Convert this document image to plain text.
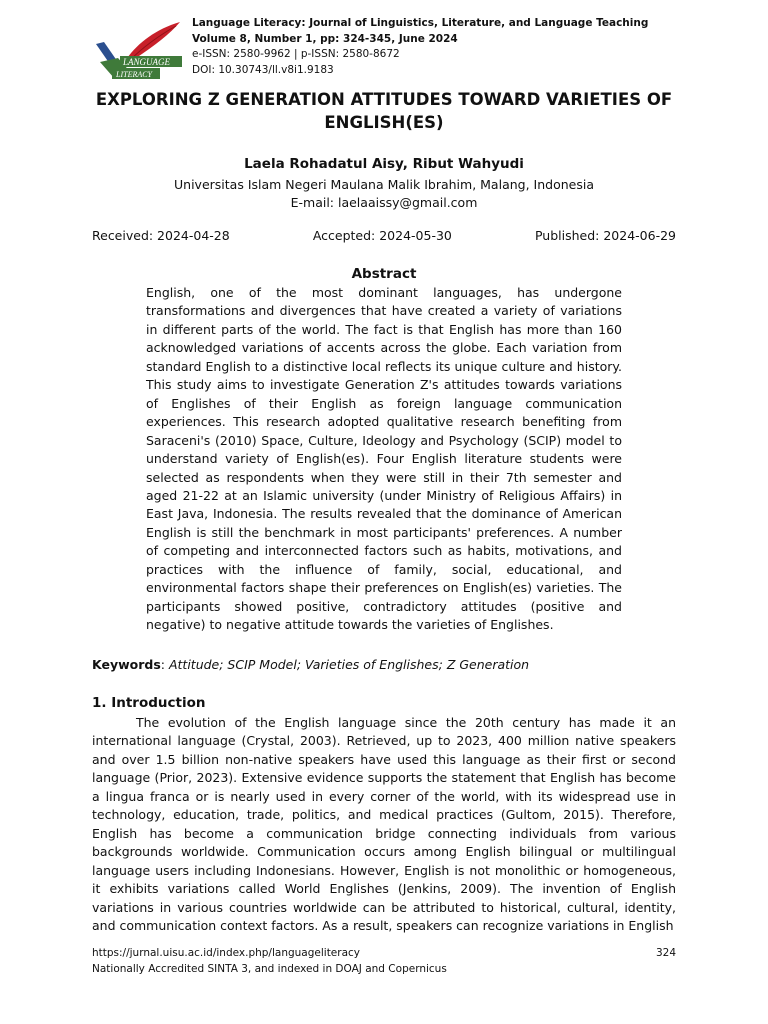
LANGUAGE
LITERACY
Language Literacy: Journal of Linguistics, Literature, and Language Teaching
Volume 8, Number 1, pp: 324-345, June 2024
e-ISSN: 2580-9962 | p-ISSN: 2580-8672
DOI: 10.30743/ll.v8i1.9183
EXPLORING Z GENERATION ATTITUDES TOWARD VARIETIES OF ENGLISH(ES)
Laela Rohadatul Aisy, Ribut Wahyudi
Universitas Islam Negeri Maulana Malik Ibrahim, Malang, Indonesia
E-mail: laelaaissy@gmail.com
Received: 2024-04-28	Accepted: 2024-05-30	Published: 2024-06-29
Abstract
English, one of the most dominant languages, has undergone transformations and divergences that have created a variety of variations in different parts of the world. The fact is that English has more than 160 acknowledged variations of accents across the globe. Each variation from standard English to a distinctive local reflects its unique culture and history. This study aims to investigate Generation Z's attitudes towards variations of Englishes of their English as foreign language communication experiences. This research adopted qualitative research benefiting from Saraceni's (2010) Space, Culture, Ideology and Psychology (SCIP) model to understand variety of English(es). Four English literature students were selected as respondents when they were still in their 7th semester and aged 21-22 at an Islamic university (under Ministry of Religious Affairs) in East Java, Indonesia. The results revealed that the dominance of American English is still the benchmark in most participants' preferences. A number of competing and interconnected factors such as habits, motivations, and practices with the influence of family, social, educational, and environmental factors shape their preferences on English(es) varieties. The participants showed positive, contradictory attitudes (positive and negative) to negative attitude towards the varieties of Englishes.
Keywords: Attitude; SCIP Model; Varieties of Englishes; Z Generation
1. Introduction
The evolution of the English language since the 20th century has made it an international language (Crystal, 2003). Retrieved, up to 2023, 400 million native speakers and over 1.5 billion non-native speakers have used this language as their first or second language (Prior, 2023). Extensive evidence supports the statement that English has become a lingua franca or is nearly used in every corner of the world, with its widespread use in technology, education, trade, politics, and medical practices (Gultom, 2015). Therefore, English has become a communication bridge connecting individuals from various backgrounds worldwide. Communication occurs among English bilingual or multilingual language users including Indonesians. However, English is not monolithic or homogeneous, it exhibits variations called World Englishes (Jenkins, 2009). The invention of English variations in various countries worldwide can be attributed to historical, cultural, identity, and communication context factors. As a result, speakers can recognize variations in English
https://jurnal.uisu.ac.id/index.php/languageliteracy	324
Nationally Accredited SINTA 3, and indexed in DOAJ and Copernicus
